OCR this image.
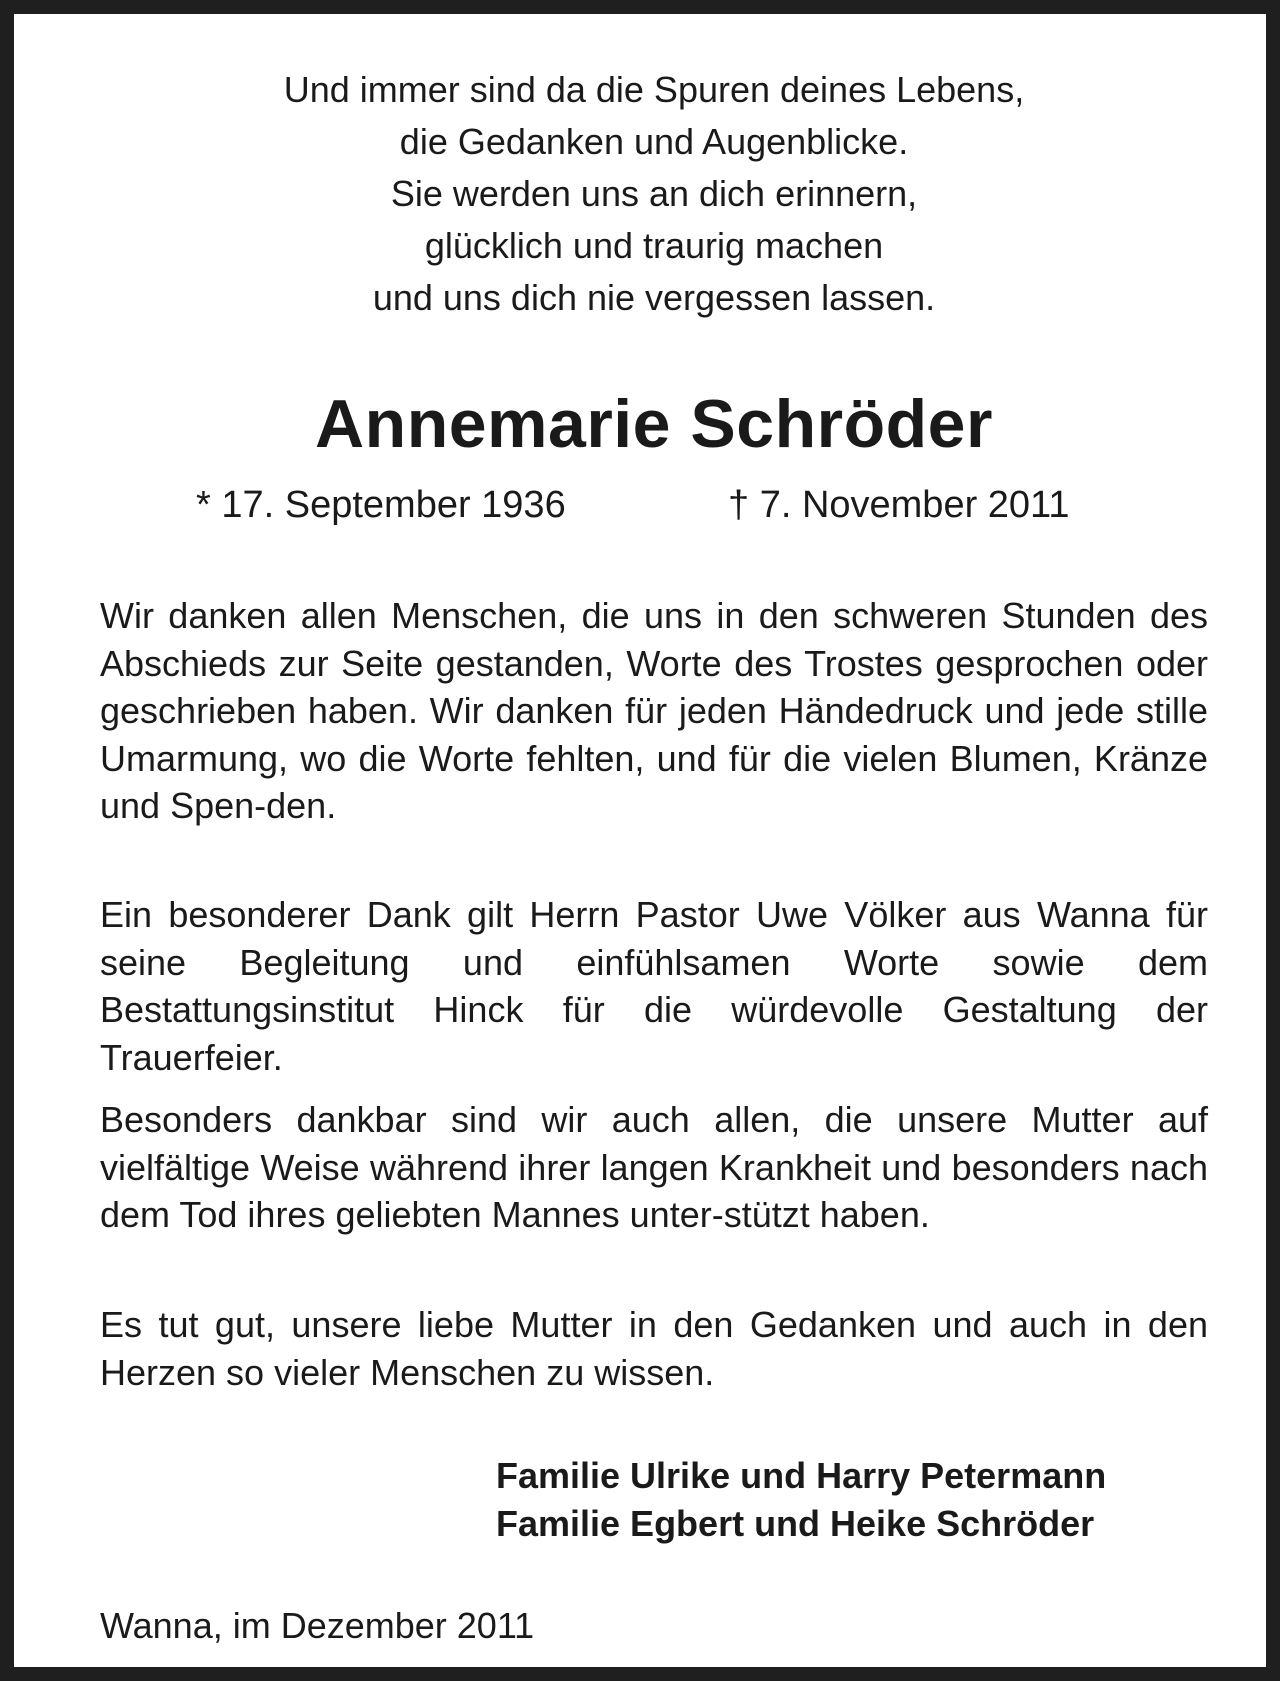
Und immer sind da die Spuren deines Lebens,
die Gedanken und Augenblicke.
Sie werden uns an dich erinnern,
glücklich und traurig machen
und uns dich nie vergessen lassen.
Annemarie Schröder
* 17. September 1936	† 7. November 2011
Wir danken allen Menschen, die uns in den schweren Stunden des Abschieds zur Seite gestanden, Worte des Trostes gesprochen oder geschrieben haben. Wir danken für jeden Händedruck und jede stille Umarmung, wo die Worte fehlten, und für die vielen Blumen, Kränze und Spen-den.
Ein besonderer Dank gilt Herrn Pastor Uwe Völker aus Wanna für seine Begleitung und einfühlsamen Worte sowie dem Bestattungsinstitut Hinck für die würdevolle Gestaltung der Trauerfeier.
Besonders dankbar sind wir auch allen, die unsere Mutter auf vielfältige Weise während ihrer langen Krankheit und besonders nach dem Tod ihres geliebten Mannes unter-stützt haben.
Es tut gut, unsere liebe Mutter in den Gedanken und auch in den Herzen so vieler Menschen zu wissen.
Familie Ulrike und Harry Petermann
Familie Egbert und Heike Schröder
Wanna, im Dezember 2011
